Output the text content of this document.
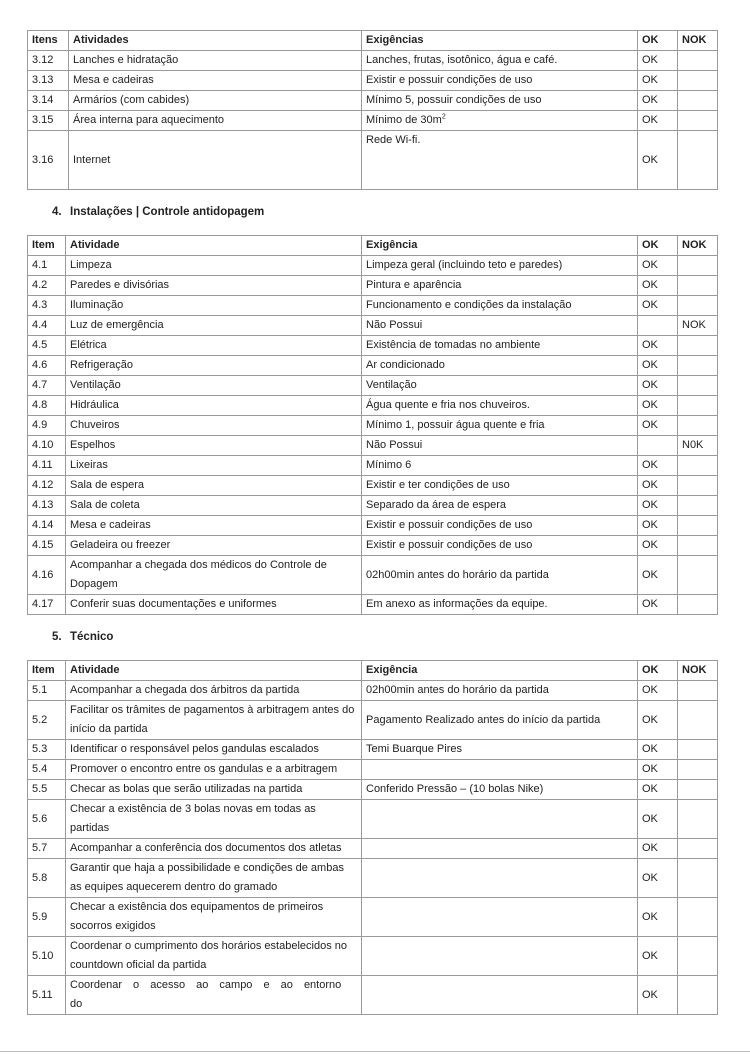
Itens	Atividades	Exigências	OK	NOK
3.12	Lanches e hidratação	Lanches, frutas, isotônico, água e café.	OK	
3.13	Mesa e cadeiras	Existir e possuir condições de uso	OK	
3.14	Armários (com cabides)	Mínimo 5, possuir condições de uso	OK	
3.15	Área interna para aquecimento	Mínimo de $30m^2$	OK	
3.16	Internet	Rede Wi-fi.	OK	
4. Instalações | Controle antidopagem
Item	Atividade	Exigência	OK	NOK
4.1	Limpeza	Limpeza geral (incluindo teto e paredes)	OK	
4.2	Paredes e divisórias	Pintura e aparência	OK	
4.3	Iluminação	Funcionamento e condições da instalação	OK	
4.4	Luz de emergência	Não Possui		NOK
4.5	Elétrica	Existência de tomadas no ambiente	OK	
4.6	Refrigeração	Ar condicionado	OK	
4.7	Ventilação	Ventilação	OK	
4.8	Hidráulica	Água quente e fria nos chuveiros.	OK	
4.9	Chuveiros	Mínimo 1, possuir água quente e fria	OK	
4.10	Espelhos	Não Possui		N0K
4.11	Lixeiras	Mínimo 6	OK	
4.12	Sala de espera	Existir e ter condições de uso	OK	
4.13	Sala de coleta	Separado da área de espera	OK	
4.14	Mesa e cadeiras	Existir e possuir condições de uso	OK	
4.15	Geladeira ou freezer	Existir e possuir condições de uso	OK	
4.16	Acompanhar a chegada dos médicos do Controle de Dopagem	02h00min antes do horário da partida	OK	
4.17	Conferir suas documentações e uniformes	Em anexo as informações da equipe.	OK	
5. Técnico
Item	Atividade	Exigência	OK	NOK
5.1	Acompanhar a chegada dos árbitros da partida	02h00min antes do horário da partida	OK	
5.2	Facilitar os trâmites de pagamentos à arbitragem antes do início da partida	Pagamento Realizado antes do início da partida	OK	
5.3	Identificar o responsável pelos gandulas escalados	Temi Buarque Pires	OK	
5.4	Promover o encontro entre os gandulas e a arbitragem		OK	
5.5	Checar as bolas que serão utilizadas na partida	Conferido Pressão – (10 bolas Nike)	OK	
5.6	Checar a existência de 3 bolas novas em todas as partidas		OK	
5.7	Acompanhar a conferência dos documentos dos atletas		OK	
5.8	Garantir que haja a possibilidade e condições de ambas as equipes aquecerem dentro do gramado		OK	
5.9	Checar a existência dos equipamentos de primeiros socorros exigidos		OK	
5.10	Coordenar o cumprimento dos horários estabelecidos no countdown oficial da partida		OK	
5.11	Coordenar o acesso ao campo e ao entorno do		OK	
